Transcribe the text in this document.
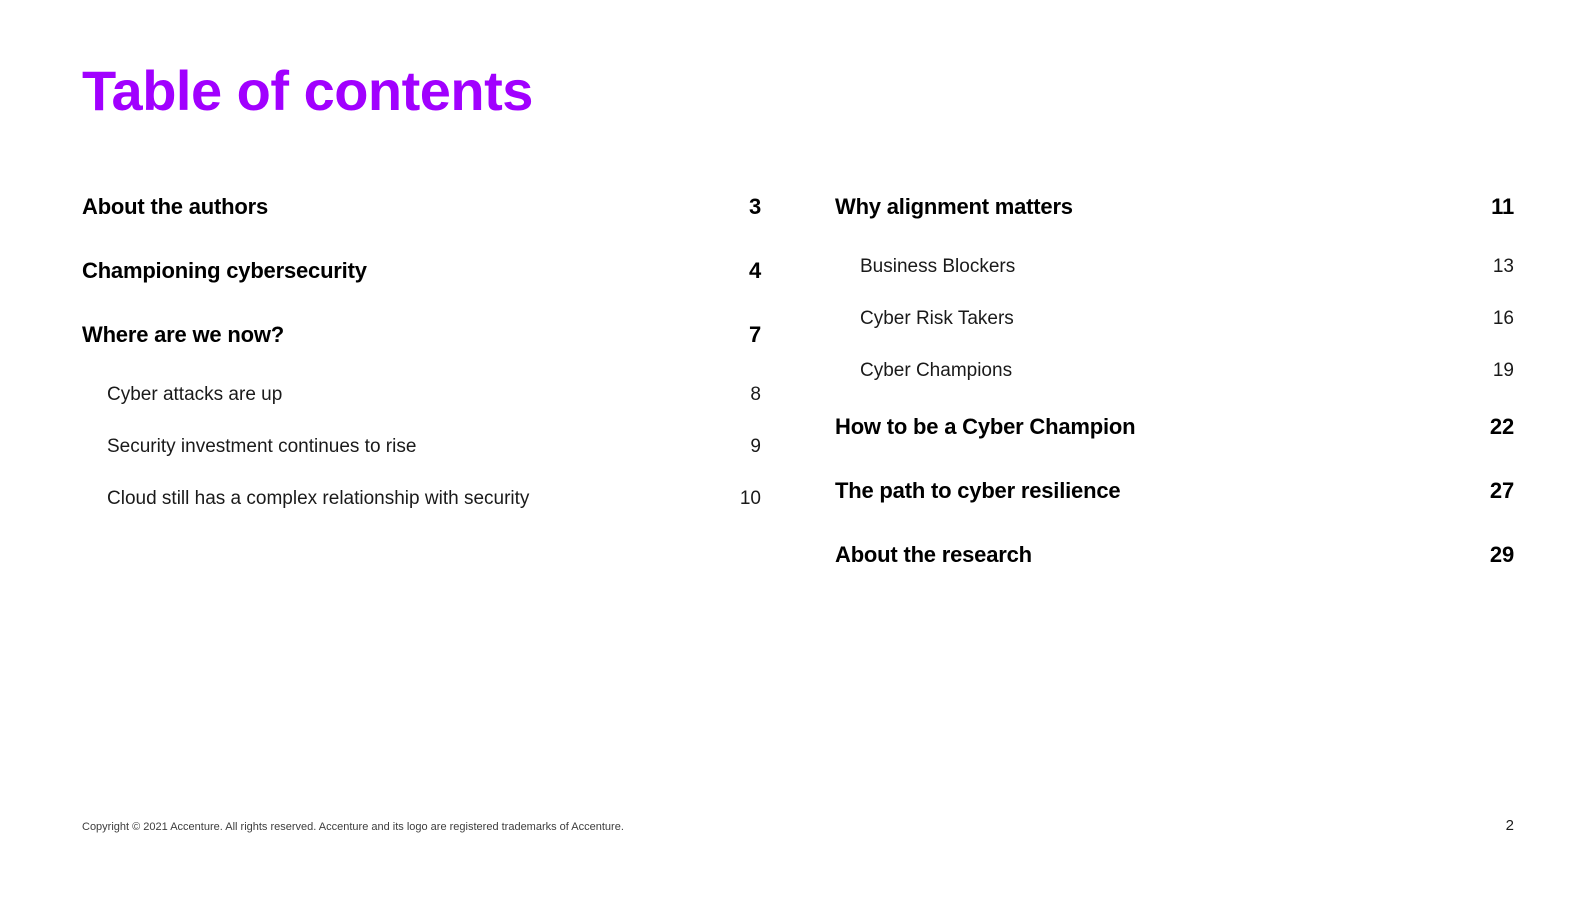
Table of contents
About the authors	3
Championing cybersecurity	4
Where are we now?	7
Cyber attacks are up	8
Security investment continues to rise	9
Cloud still has a complex relationship with security	10
Why alignment matters	11
Business Blockers	13
Cyber Risk Takers	16
Cyber Champions	19
How to be a Cyber Champion	22
The path to cyber resilience	27
About the research	29
Copyright © 2021 Accenture. All rights reserved. Accenture and its logo are registered trademarks of Accenture.	2
